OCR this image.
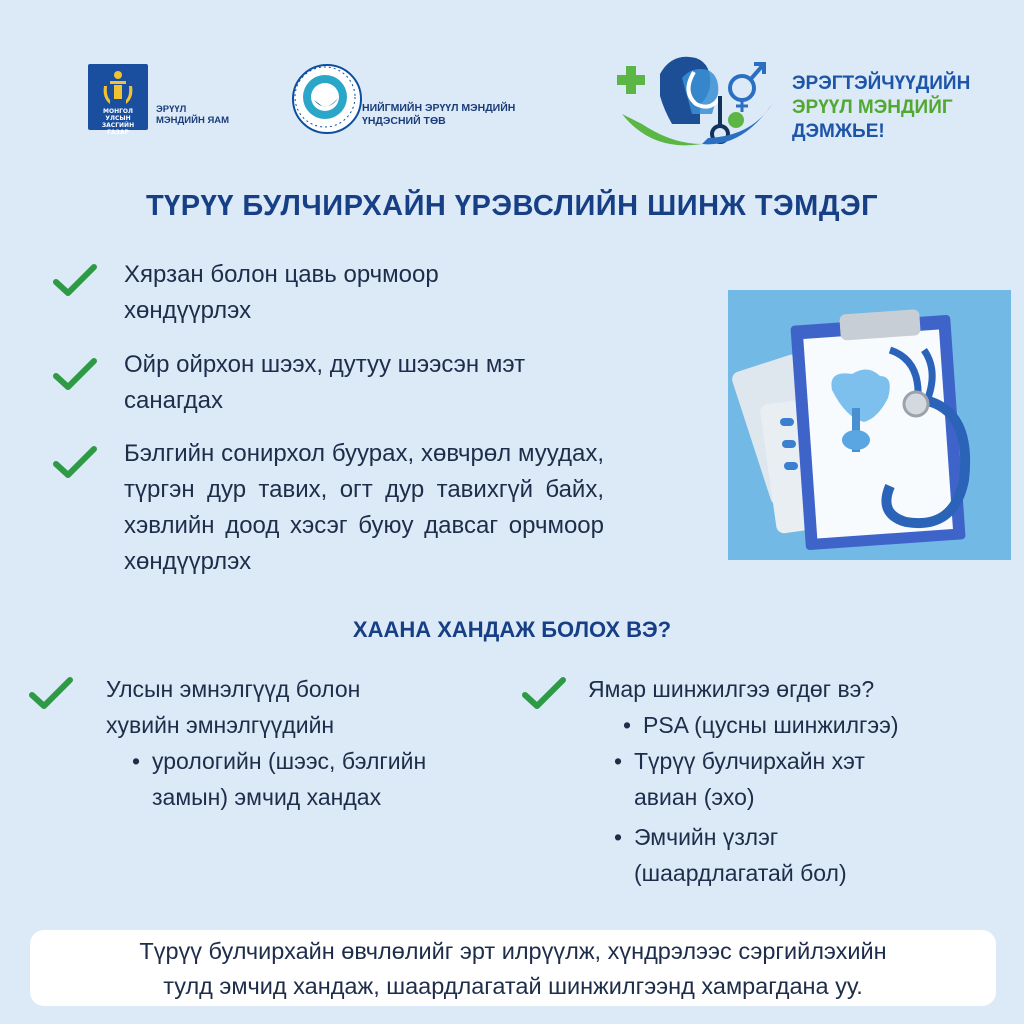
МОНГОЛ УЛСЫН ЗАСГИЙН ГАЗАР
ЭРҮҮЛ
МЭНДИЙН ЯАМ
НИЙГМИЙН ЭРҮҮЛ МЭНДИЙН
ҮНДЭСНИЙ ТӨВ
ЭРЭГТЭЙЧҮҮДИЙН
ЭРҮҮЛ МЭНДИЙГ
ДЭМЖЬЕ!
ТҮРҮҮ БУЛЧИРХАЙН ҮРЭВСЛИЙН ШИНЖ ТЭМДЭГ
Хярзан болон цавь орчмоор хөндүүрлэх
Ойр ойрхон шээх, дутуу шээсэн мэт санагдах
Бэлгийн сонирхол буурах, хөвчрөл муудах, түргэн дур тавих, огт дур тавихгүй байх, хэвлийн доод хэсэг буюу давсаг орчмоор хөндүүрлэх
ХААНА ХАНДАЖ БОЛОХ ВЭ?
Улсын эмнэлгүүд болон
хувийн эмнэлгүүдийн
• урологийн (шээс, бэлгийн
замын) эмчид хандах
Ямар шинжилгээ өгдөг вэ?
• PSA (цусны шинжилгээ)
• Түрүү булчирхайн хэт
авиан (эхо)
• Эмчийн үзлэг
(шаардлагатай бол)
Түрүү булчирхайн өвчлөлийг эрт илрүүлж, хүндрэлээс сэргийлэхийн
тулд эмчид хандаж, шаардлагатай шинжилгээнд хамрагдана уу.
